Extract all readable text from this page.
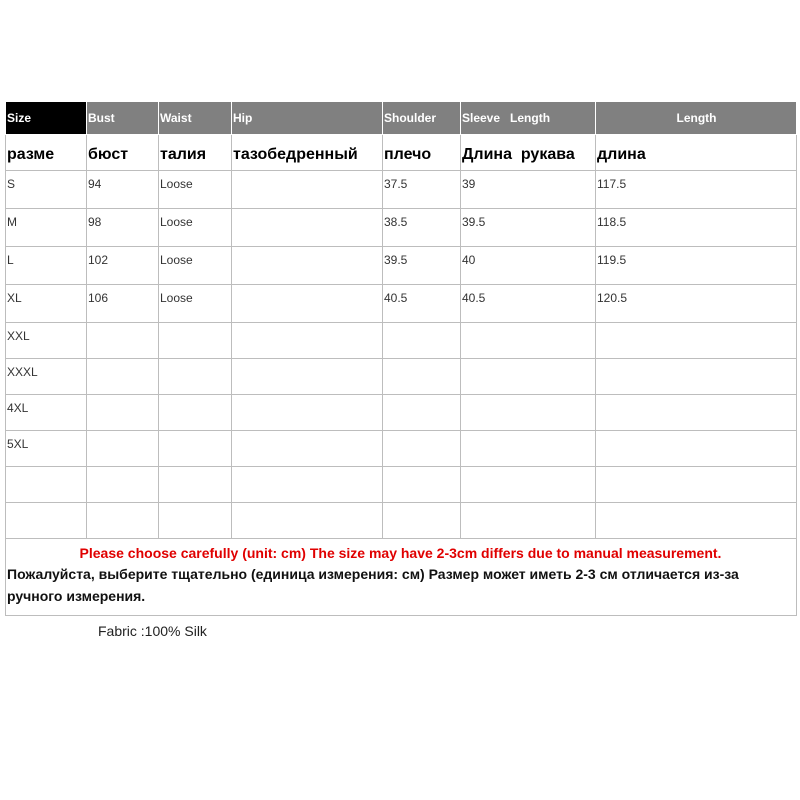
Size	Bust	Waist	Hip	Shoulder	Sleeve   Length	Length
разме	бюст	талия	тазобедренный	плечо	Длина  рукава	длина
S	94	Loose		37.5	39	117.5
M	98	Loose		38.5	39.5	118.5
L	102	Loose		39.5	40	119.5
XL	106	Loose		40.5	40.5	120.5
XXL						
XXXL						
4XL						
5XL						

Please choose carefully (unit: cm) The size may have 2-3cm differs due to manual measurement.
Пожалуйста, выберите тщательно (единица измерения: см) Размер может иметь 2-3 см отличается из-за ручного измерения.						
Fabric :100% Silk
